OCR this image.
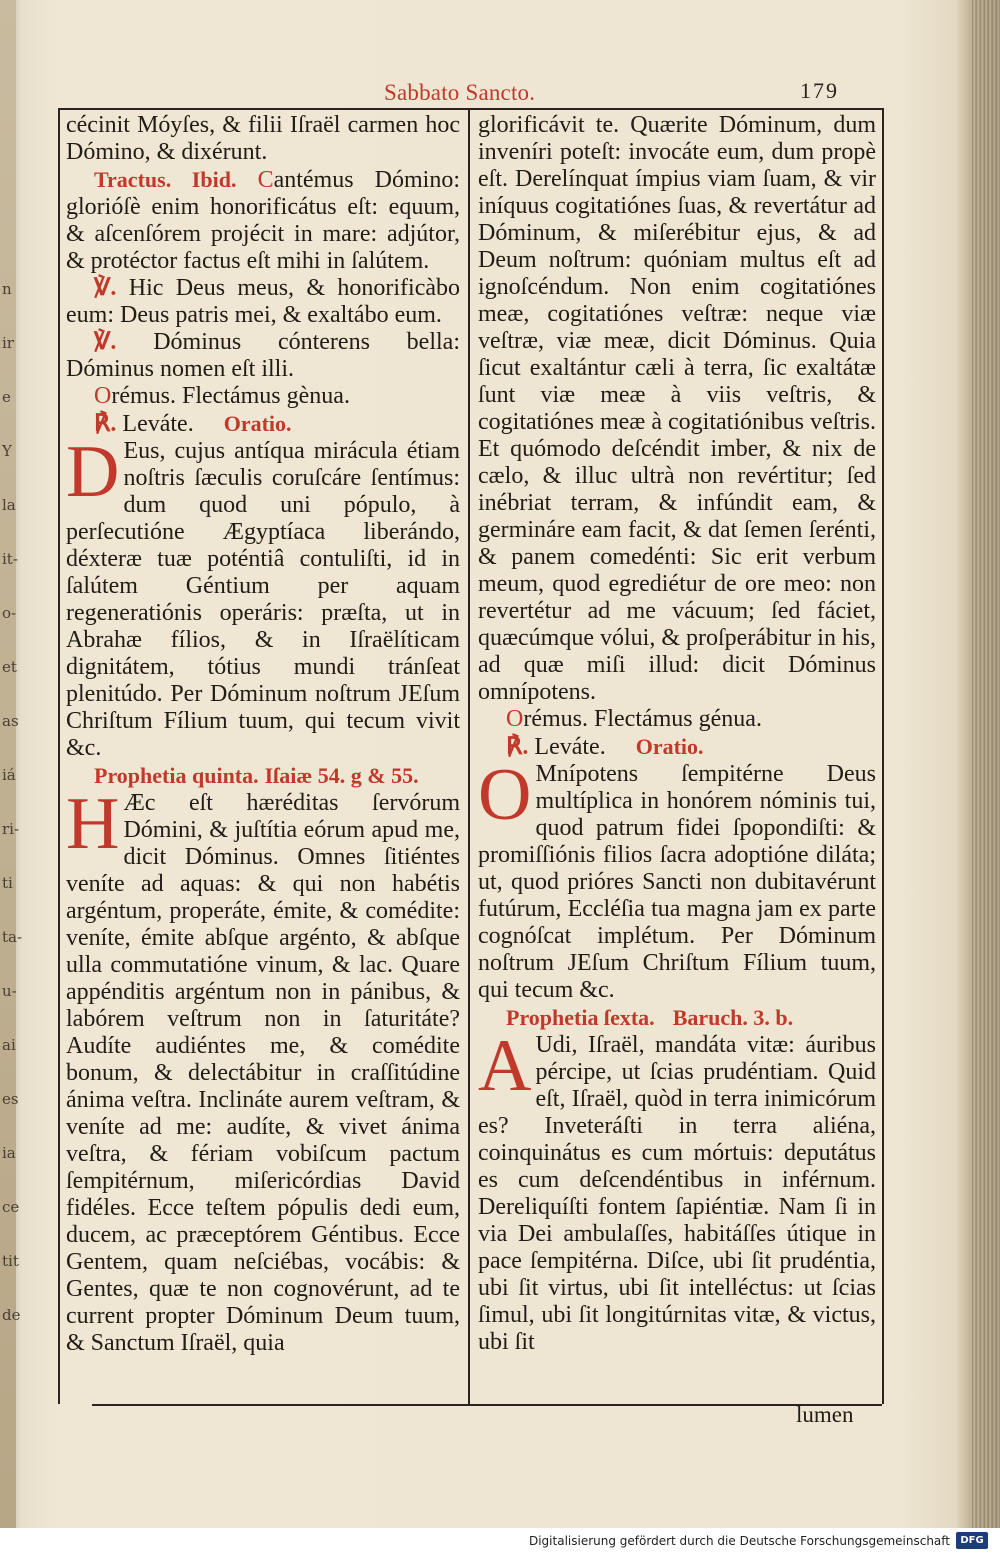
n
ir
e
Y
la
it-
o-
et
as
iá
ri-
ti
ta-
u-
ai
es
ia
ce
tit
de
Sabbato Sancto.	179

cécinit Móyſes, & filii Iſraël carmen hoc Dómino, & dixérunt.

Tractus. Ibid. Cantémus Dómino: glorióſè enim honorificátus eſt: equum, & aſcenſórem projécit in mare: adjútor, & protéctor factus eſt mihi in ſalútem.

℣. Hic Deus meus, & honorificàbo eum: Deus patris mei, & exaltábo eum.

℣. Dóminus cónterens bella: Dóminus nomen eſt illi.

Orémus. Flectámus gènua.

℟. Leváte. Oratio.

D Eus, cujus antíqua mirácula étiam noſtris ſæculis coruſcáre ſentímus: dum quod uni pópulo, à perſecutióne Ægyptíaca liberándo, déxteræ tuæ poténtiâ contuliſti, id in ſalútem Géntium per aquam regeneratiónis operáris: præſta, ut in Abrahæ fílios, & in Iſraëlíticam dignitátem, tótius mundi tránſeat plenitúdo. Per Dóminum noſtrum JEſum Chriſtum Fílium tuum, qui tecum vivit &c.

Prophetia quinta. Iſaiæ 54. g & 55.

H Æc eſt hæréditas ſervórum Dómini, & juſtítia eórum apud me, dicit Dóminus. Omnes ſitiéntes veníte ad aquas: & qui non habétis argéntum, properáte, émite, & comédite: veníte, émite abſque argénto, & abſque ulla commutatióne vinum, & lac. Quare appénditis argéntum non in pánibus, & labórem veſtrum non in ſaturitáte? Audíte audiéntes me, & comédite bonum, & delectábitur in craſſitúdine ánima veſtra. Inclináte aurem veſtram, & veníte ad me: audíte, & vivet ánima veſtra, & fériam vobiſcum pactum ſempitérnum, miſericórdias David fidéles. Ecce teſtem pópulis dedi eum, ducem, ac præceptórem Géntibus. Ecce Gentem, quam neſciébas, vocábis: & Gentes, quæ te non cognovérunt, ad te current propter Dóminum Deum tuum, & Sanctum Iſraël, quia

glorificávit te. Quærite Dóminum, dum inveníri poteſt: invocáte eum, dum propè eſt. Derelínquat ímpius viam ſuam, & vir iníquus cogitatiónes ſuas, & revertátur ad Dóminum, & miſerébitur ejus, & ad Deum noſtrum: quóniam multus eſt ad ignoſcéndum. Non enim cogitatiónes meæ, cogitatiónes veſtræ: neque viæ veſtræ, viæ meæ, dicit Dóminus. Quia ſicut exaltántur cæli à terra, ſic exaltátæ ſunt viæ meæ à viis veſtris, & cogitatiónes meæ à cogitatiónibus veſtris. Et quómodo deſcéndit imber, & nix de cælo, & illuc ultrà non revértitur; ſed inébriat terram, & infúndit eam, & germináre eam facit, & dat ſemen ſerénti, & panem comedénti: Sic erit verbum meum, quod egrediétur de ore meo: non revertétur ad me vácuum; ſed fáciet, quæcúmque vólui, & proſperábitur in his, ad quæ miſi illud: dicit Dóminus omnípotens.

Orémus. Flectámus génua.

℟. Leváte. Oratio.

O Mnípotens ſempitérne Deus multíplica in honórem nóminis tui, quod patrum fidei ſpopondiſti: & promiſſiónis filios ſacra adoptióne diláta; ut, quod prióres Sancti non dubitavérunt futúrum, Eccléſia tua magna jam ex parte cognóſcat implétum. Per Dóminum noſtrum JEſum Chriſtum Fílium tuum, qui tecum &c.

Prophetia ſexta. Baruch. 3. b.

A Udi, Iſraël, mandáta vitæ: áuribus pércipe, ut ſcias prudéntiam. Quid eſt, Iſraël, quòd in terra inimicórum es? Inveteráſti in terra aliéna, coinquinátus es cum mórtuis: deputátus es cum deſcendéntibus in inférnum. Dereliquíſti fontem ſapiéntiæ. Nam ſi in via Dei ambulaſſes, habitáſſes útique in pace ſempitérna. Diſce, ubi ſit prudéntia, ubi ſit virtus, ubi ſit intelléctus: ut ſcias ſimul, ubi ſit longitúrnitas vitæ, & victus, ubi ſit

lumen
Digitalisierung gefördert durch die Deutsche Forschungsgemeinschaft	DFG
